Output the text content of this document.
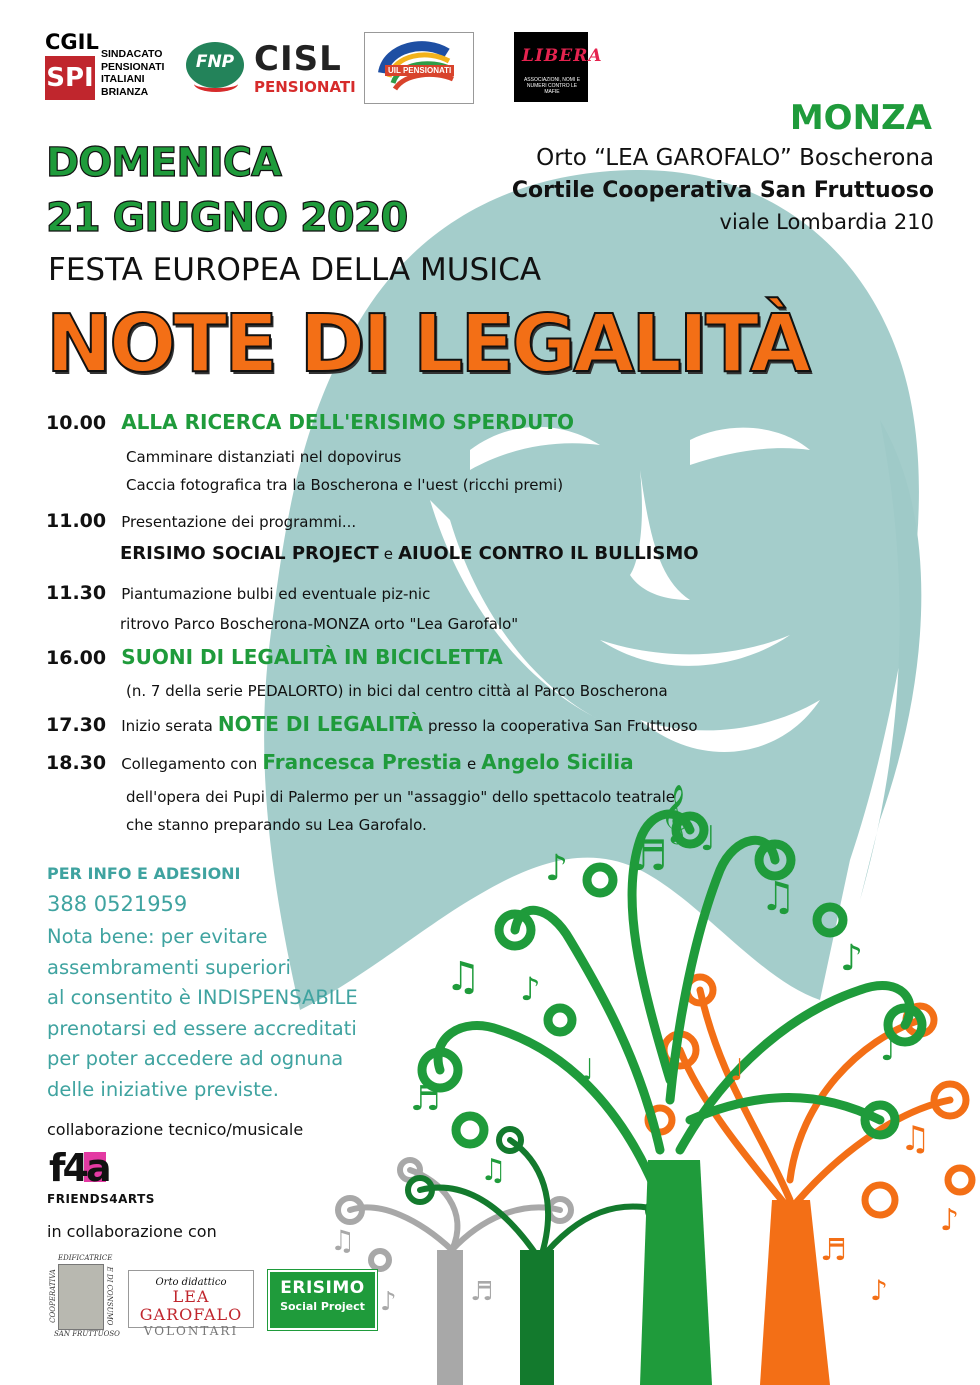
♫
♪ ♬ ♩
♫
♪
♩
♪
♬
♫
♩
𝄞
♫
♪
♬
♩
♪
♫
♪	♬
CGIL
SPI
SINDACATO
PENSIONATI
ITALIANI
BRIANZA
FNP CISL
PENSIONATI
UIL PENSIONATI
LIBERA
ASSOCIAZIONI, NOMI E NUMERI CONTRO LE MAFIE
MONZA
Orto “LEA GAROFALO” Boscherona
Cortile Cooperativa San Fruttuoso
viale Lombardia 210
DOMENICA
21 GIUGNO 2020
FESTA EUROPEA DELLA MUSICA
NOTE DI LEGALITÀ
10.00 ALLA RICERCA DELL'ERISIMO SPERDUTO
Camminare distanziati nel dopovirus
Caccia fotografica tra la Boscherona e l'uest (ricchi premi)
11.00 Presentazione dei programmi...
ERISIMO SOCIAL PROJECT e AIUOLE CONTRO IL BULLISMO
11.30 Piantumazione bulbi ed eventuale piz-nic
ritrovo Parco Boscherona-MONZA orto "Lea Garofalo"
16.00 SUONI DI LEGALITÀ IN BICICLETTA
(n. 7 della serie PEDALORTO) in bici dal centro città al Parco Boscherona
17.30 Inizio serata NOTE DI LEGALITÀ presso la cooperativa San Fruttuoso
18.30 Collegamento con Francesca Prestia e Angelo Sicilia
dell'opera dei Pupi di Palermo per un "assaggio" dello spettacolo teatrale
che stanno preparando su Lea Garofalo.
PER INFO E ADESIONI
388 0521959
Nota bene: per evitare
assembramenti superiori
al consentito è INDISPENSABILE
prenotarsi ed essere accreditati
per poter accedere ad ognuna
delle iniziative previste.
collaborazione tecnico/musicale
f4a
FRIENDS4ARTS
in collaborazione con
EDIFICATRICE
COOPERATIVA	E DI CONSUMO
SAN FRUTTUOSO
Orto didattico
LEA GAROFALO
VOLONTARI
ERISIMO
Social Project
